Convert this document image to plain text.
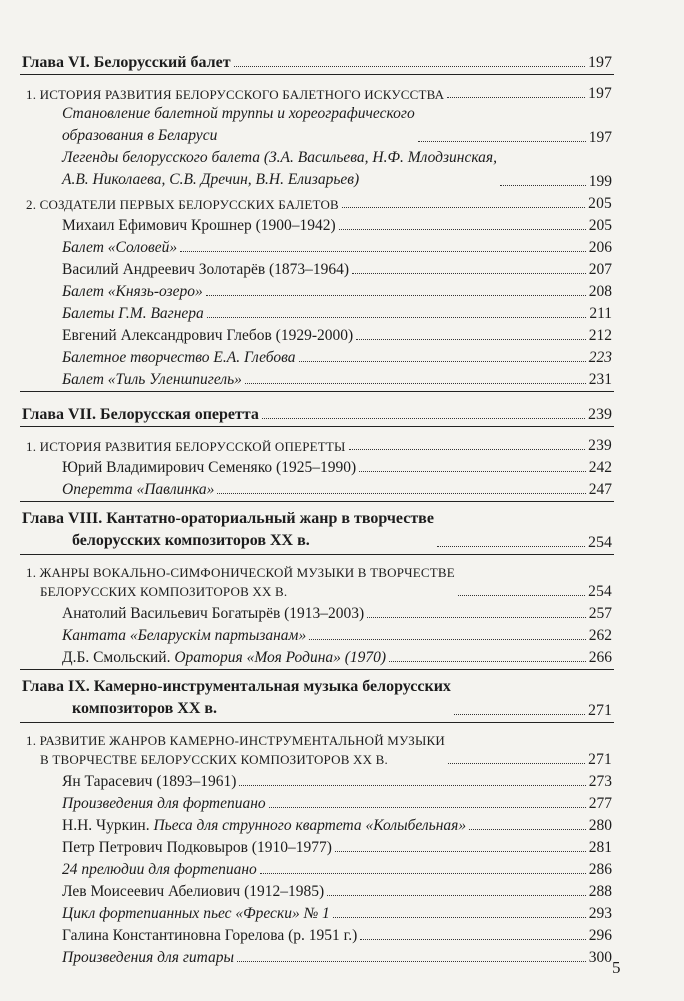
Глава VI. Белорусский балет	197
1. ИСТОРИЯ РАЗВИТИЯ БЕЛОРУССКОГО БАЛЕТНОГО ИСКУССТВА	197
Становление балетной труппы и хореографического
образования в Беларуси	197
Легенды белорусского балета (З.А. Васильева, Н.Ф. Млодзинская,
А.В. Николаева, С.В. Дречин, В.Н. Елизарьев)	199
2. СОЗДАТЕЛИ ПЕРВЫХ БЕЛОРУССКИХ БАЛЕТОВ	205
Михаил Ефимович Крошнер (1900–1942)	205
Балет «Соловей»	206
Василий Андреевич Золотарёв (1873–1964)	207
Балет «Князь-озеро»	208
Балеты Г.М. Вагнера	211
Евгений Александрович Глебов (1929-2000)	212
Балетное творчество Е.А. Глебова	223
Балет «Тиль Уленшпигель»	231
Глава VII. Белорусская оперетта	239
1. ИСТОРИЯ РАЗВИТИЯ БЕЛОРУССКОЙ ОПЕРЕТТЫ	239
Юрий Владимирович Семеняко (1925–1990)	242
Оперетта «Павлинка»	247
Глава VIII. Кантатно-ораториальный жанр в творчестве
белорусских композиторов XX в.	254
1. ЖАНРЫ ВОКАЛЬНО-СИМФОНИЧЕСКОЙ МУЗЫКИ В ТВОРЧЕСТВЕ
БЕЛОРУССКИХ КОМПОЗИТОРОВ XX В.	254
Анатолий Васильевич Богатырёв (1913–2003)	257
Кантата «Беларускім партызанам»	262
Д.Б. Смольский. Оратория «Моя Родина» (1970)	266
Глава IX. Камерно-инструментальная музыка белорусских
композиторов XX в.	271
1. РАЗВИТИЕ ЖАНРОВ КАМЕРНО-ИНСТРУМЕНТАЛЬНОЙ МУЗЫКИ
В ТВОРЧЕСТВЕ БЕЛОРУССКИХ КОМПОЗИТОРОВ XX В.	271
Ян Тарасевич (1893–1961)	273
Произведения для фортепиано	277
Н.Н. Чуркин. Пьеса для струнного квартета «Колыбельная»	280
Петр Петрович Подковыров (1910–1977)	281
24 прелюдии для фортепиано	286
Лев Моисеевич Абелиович (1912–1985)	288
Цикл фортепианных пьес «Фрески» № 1	293
Галина Константиновна Горелова (р. 1951 г.)	296
Произведения для гитары	300
5
